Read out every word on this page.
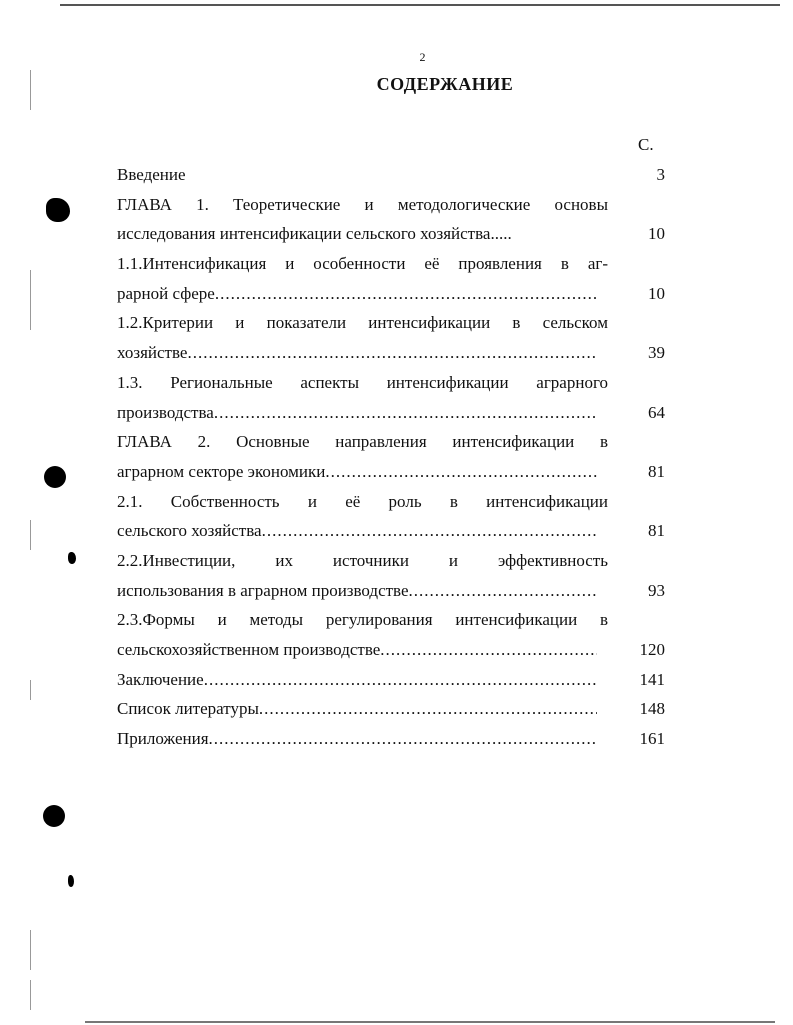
2
СОДЕРЖАНИЕ
С.
Введение	3
ГЛАВА 1. Теоретические и методологические основы
исследования интенсификации сельского хозяйства.....	10
1.1.Интенсификация и особенности её проявления в аг-
рарной сфере .....	10
1.2.Критерии и показатели интенсификации в сельском
хозяйстве .....	39
1.3. Региональные аспекты интенсификации аграрного
производства .....	64
ГЛАВА 2. Основные направления интенсификации в
аграрном секторе экономики .....	81
2.1. Собственность и её роль в интенсификации
сельского хозяйства .....	81
2.2.Инвестиции, их источники и эффективность
использования в аграрном производстве .....	93
2.3.Формы и методы регулирования интенсификации в
сельскохозяйственном производстве .....	120
Заключение .....	141
Список литературы .....	148
Приложения .....	161
